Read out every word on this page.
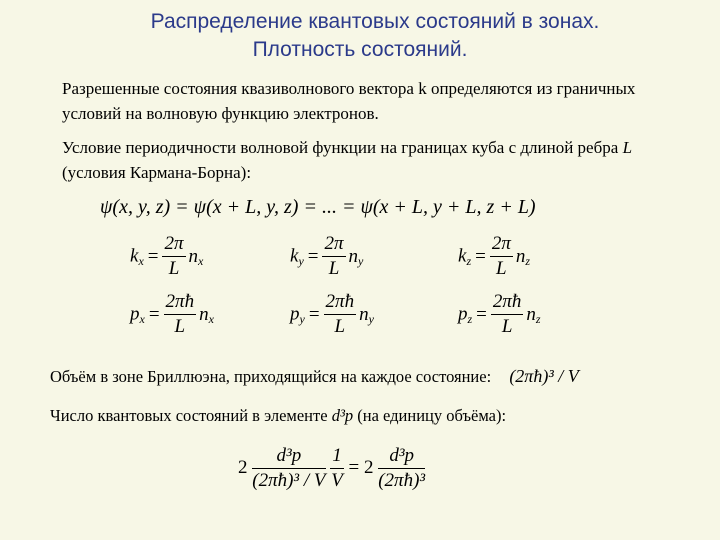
Распределение квантовых состояний в зонах.
Плотность состояний.
Разрешенные состояния квазиволнового вектора k определяются из граничных условий на волновую функцию электронов.
Условие периодичности волновой функции на границах куба с длиной ребра L (условия Кармана-Борна):
ψ(x, y, z) = ψ(x + L, y, z) = ... = ψ(x + L, y + L, z + L)
$k_x = \frac{2\pi}{L} n_x$	$k_y = \frac{2\pi}{L} n_y$	$k_z = \frac{2\pi}{L} n_z$
$p_x = \frac{2\pi ħ}{L} n_x$	$p_y = \frac{2\pi ħ}{L} n_y$	$p_z = \frac{2\pi ħ}{L} n_z$
Объём в зоне Бриллюэна, приходящийся на каждое состояние: (2πħ)³ / V
Число квантовых состояний в элементе d³p (на единицу объёма):
$2 \frac{\text{d³p}}{\text{(2πħ)³ / V}}$
$\frac{1}{V} = 2 \frac{\text{d³p}}{\text{(2πħ)³}}$
